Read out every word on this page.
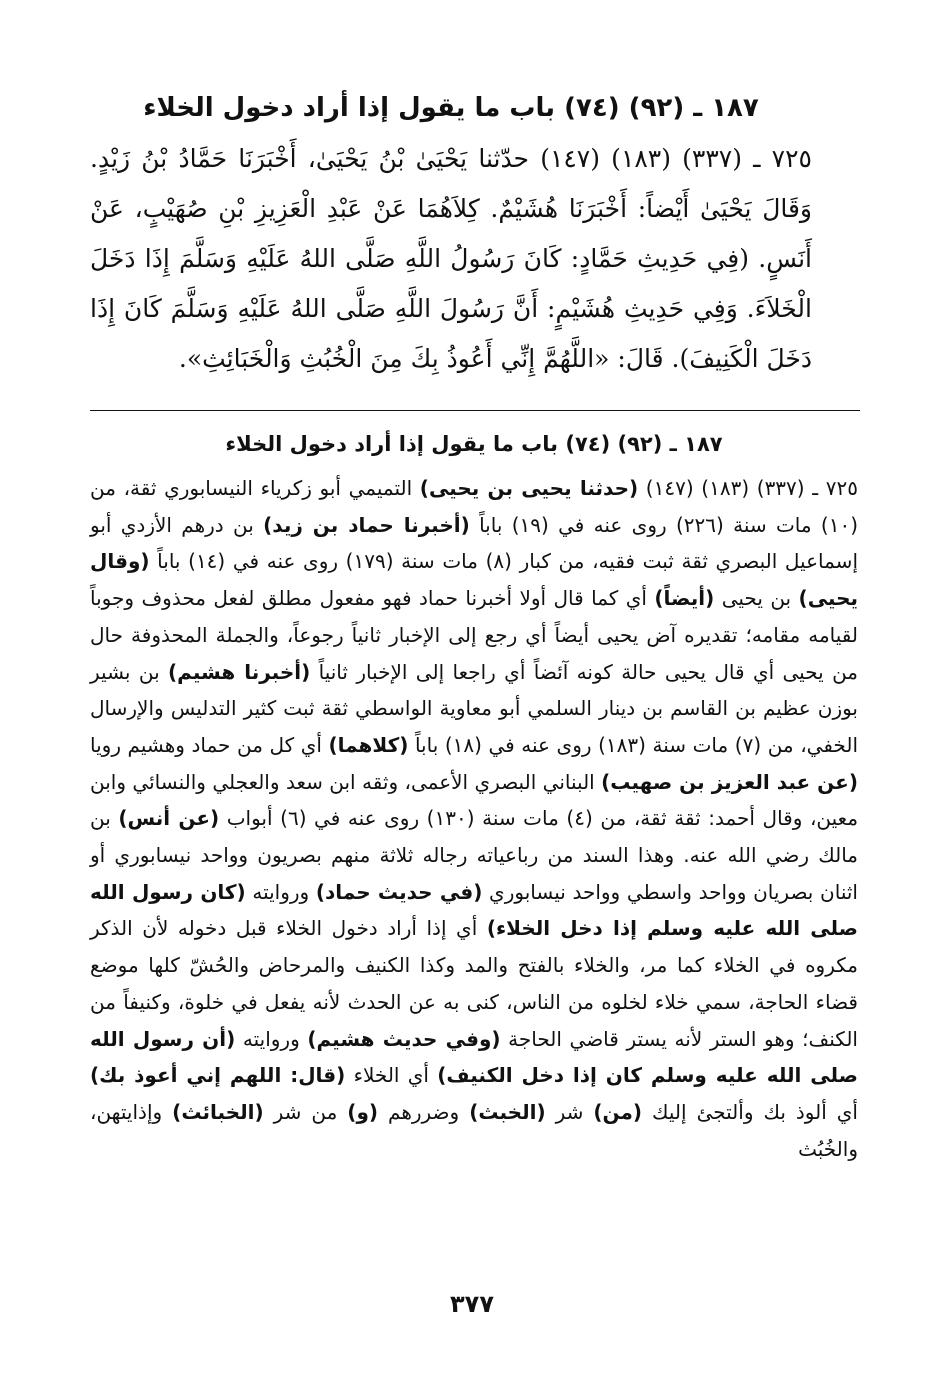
١٨٧ ـ (٩٢) (٧٤) باب ما يقول إذا أراد دخول الخلاء

٧٢٥ ـ (٣٣٧) (١٨٣) (١٤٧) حدّثنا يَحْيَىٰ بْنُ يَحْيَىٰ، أَخْبَرَنَا حَمَّادُ بْنُ زَيْدٍ. وَقَالَ يَحْيَىٰ أَيْضاً: أَخْبَرَنَا هُشَيْمٌ. كِلاَهُمَا عَنْ عَبْدِ الْعَزِيزِ بْنِ صُهَيْبٍ، عَنْ أَنَسٍ. (فِي حَدِيثِ حَمَّادٍ: كَانَ رَسُولُ اللَّهِ صَلَّى اللهُ عَلَيْهِ وَسَلَّمَ إِذَا دَخَلَ الْخَلاَءَ. وَفِي حَدِيثِ هُشَيْمٍ: أَنَّ رَسُولَ اللَّهِ صَلَّى اللهُ عَلَيْهِ وَسَلَّمَ كَانَ إِذَا دَخَلَ الْكَنِيفَ). قَالَ: «اللَّهُمَّ إِنِّي أَعُوذُ بِكَ مِنَ الْخُبُثِ وَالْخَبَائِثِ».

١٨٧ ـ (٩٢) (٧٤) باب ما يقول إذا أراد دخول الخلاء

٧٢٥ ـ (٣٣٧) (١٨٣) (١٤٧) (حدثنا يحيى بن يحيى) التميمي أبو زكرياء النيسابوري ثقة، من (١٠) مات سنة (٢٢٦) روى عنه في (١٩) باباً (أخبرنا حماد بن زيد) بن درهم الأزدي أبو إسماعيل البصري ثقة ثبت فقيه، من كبار (٨) مات سنة (١٧٩) روى عنه في (١٤) باباً (وقال يحيى) بن يحيى (أيضاً) أي كما قال أولا أخبرنا حماد فهو مفعول مطلق لفعل محذوف وجوباً لقيامه مقامه؛ تقديره آض يحيى أيضاً أي رجع إلى الإخبار ثانياً رجوعاً، والجملة المحذوفة حال من يحيى أي قال يحيى حالة كونه آئضاً أي راجعا إلى الإخبار ثانياً (أخبرنا هشيم) بن بشير بوزن عظيم بن القاسم بن دينار السلمي أبو معاوية الواسطي ثقة ثبت كثير التدليس والإرسال الخفي، من (٧) مات سنة (١٨٣) روى عنه في (١٨) باباً (كلاهما) أي كل من حماد وهشيم رويا (عن عبد العزيز بن صهيب) البناني البصري الأعمى، وثقه ابن سعد والعجلي والنسائي وابن معين، وقال أحمد: ثقة ثقة، من (٤) مات سنة (١٣٠) روى عنه في (٦) أبواب (عن أنس) بن مالك رضي الله عنه. وهذا السند من رباعياته رجاله ثلاثة منهم بصريون وواحد نيسابوري أو اثنان بصريان وواحد واسطي وواحد نيسابوري (في حديث حماد) وروايته (كان رسول الله صلى الله عليه وسلم إذا دخل الخلاء) أي إذا أراد دخول الخلاء قبل دخوله لأن الذكر مكروه في الخلاء كما مر، والخلاء بالفتح والمد وكذا الكنيف والمرحاض والحُشّ كلها موضع قضاء الحاجة، سمي خلاء لخلوه من الناس، كنى به عن الحدث لأنه يفعل في خلوة، وكنيفاً من الكنف؛ وهو الستر لأنه يستر قاضي الحاجة (وفي حديث هشيم) وروايته (أن رسول الله صلى الله عليه وسلم كان إذا دخل الكنيف) أي الخلاء (قال: اللهم إني أعوذ بك) أي ألوذ بك وألتجئ إليك (من) شر (الخبث) وضررهم (و) من شر (الخبائث) وإذايتهن، والخُبُث

٣٧٧
